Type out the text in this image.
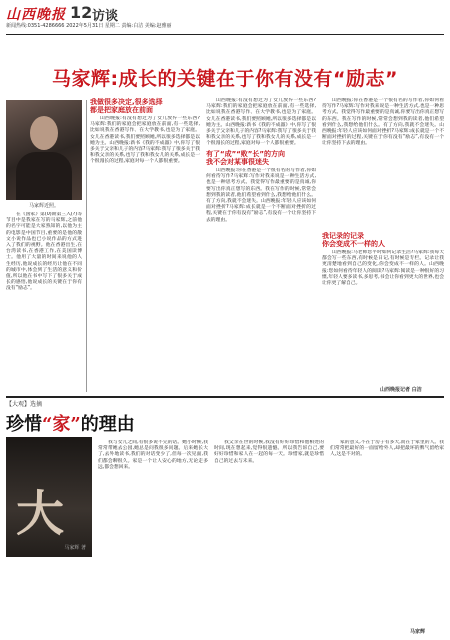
山西晚报 12 访谈
新闻热线:0351-4286666 2022年5月31日 星期二 责编:白洁 美编:赵雅丽
马家辉:成长的关键在于你有没有“励志”
马家辉近照。

在《国家》第(0)期第三入(?)等节目中是我家在写的马家辉,之前他的名字可能是大家熟知的,以他为主的电影是中国节目,重要的是他的散文小说作品也已小说作品的方式进入了我们的视野。他在香港出生,在台湾读书,在香港工作,在美国读博士。他用了大量的时间来说他的人生经历,他说成长的经历让他在不同的城市中,体会到了生活的意义和价值,所以他在书中写下了很多关于成长的感悟,他说成长的关键在于你有没有“励志”。

我做很多决定,很多选择
都是把家庭放在前面

山西晚报:有没有想过为了女儿放弃一些东西?马家辉:我们的家庭会把家庭放在前面,有一些选择,比如说我在香港写作、在大学教书,也是为了家庭。女儿在香港读书,我们要照顾她,所以很多选择都是以她为主。山西晚报:新书《我的不成器》中,你写了很多关于父亲和儿子的内容?马家辉:我写了很多关于我和我父亲的关系,也写了我和我女儿的关系,成长是一个很漫长的过程,家庭对每一个人都很重要。

有了“成”“败”长”的方向
我不会对某事很迷失

山西晚报:有没有想过为了女儿放弃一些东西?马家辉:我们的家庭会把家庭放在前面,有一些选择,比如说我在香港写作、在大学教书,也是为了家庭。女儿在香港读书,我们要照顾她,所以很多选择都是以她为主。山西晚报:新书《我的不成器》中,你写了很多关于父亲和儿子的内容?马家辉:我写了很多关于我和我父亲的关系,也写了我和我女儿的关系,成长是一个很漫长的过程,家庭对每一个人都很重要。

山西晚报:你在香港是一个很有名的写作者,你如何看待写作?马家辉:写作对我来说是一种生活方式,也是一种思考方式。我觉得写作最重要的是真诚,你要写出你真正想写的东西。我在写作的时候,常常会想到我的读者,他们希望看到什么,我想给他们什么。有了方向,我就不会迷失。山西晚报:年轻人应该如何面对挫折?马家辉:成长就是一个不断面对挫折的过程,关键在于你有没有“励志”,有没有一个让你坚持下去的理由。

山西晚报:你在香港是一个很有名的写作者,你如何看待写作?马家辉:写作对我来说是一种生活方式,也是一种思考方式。我觉得写作最重要的是真诚,你要写出你真正想写的东西。我在写作的时候,常常会想到我的读者,他们希望看到什么,我想给他们什么。有了方向,我就不会迷失。山西晚报:年轻人应该如何面对挫折?马家辉:成长就是一个不断面对挫折的过程,关键在于你有没有“励志”,有没有一个让你坚持下去的理由。

我记录的记录
你会变成不一样的人

山西晚报:马老师您平时如何记录生活?马家辉:我每天都会写一些东西,有时候是日记,有时候是专栏。记录让我更清楚地看到自己的变化,你会变成不一样的人。山西晚报:您如何看待年轻人的阅读?马家辉:阅读是一种很好的习惯,年轻人要多读书,多思考,书会让你看到更大的世界,也会让你更了解自己。

山西晚报记者 白洁
【大观】选摘
珍惜“家”的理由
大
马家辉 著

我与女儿之间,有很多说不完的话。她小时候,我常常带她去公园,她总是问我很多问题。后来她长大了,去外地读书,我们的对话变少了,但每一次见面,我们都会聊很久。家是一个让人安心的地方,无论走多远,都会想回来。

我父亲在世的时候,我没有好好珍惜和他相处的时间,现在想起来,觉得很遗憾。所以我告诉自己,要好好珍惜和家人在一起的每一天。珍惜家,就是珍惜自己的过去与未来。

家的意义,不在于房子有多大,而在于家里的人。我们常常把最好的一面留给外人,却把最坏的脾气留给家人,这是不对的。

马家辉
